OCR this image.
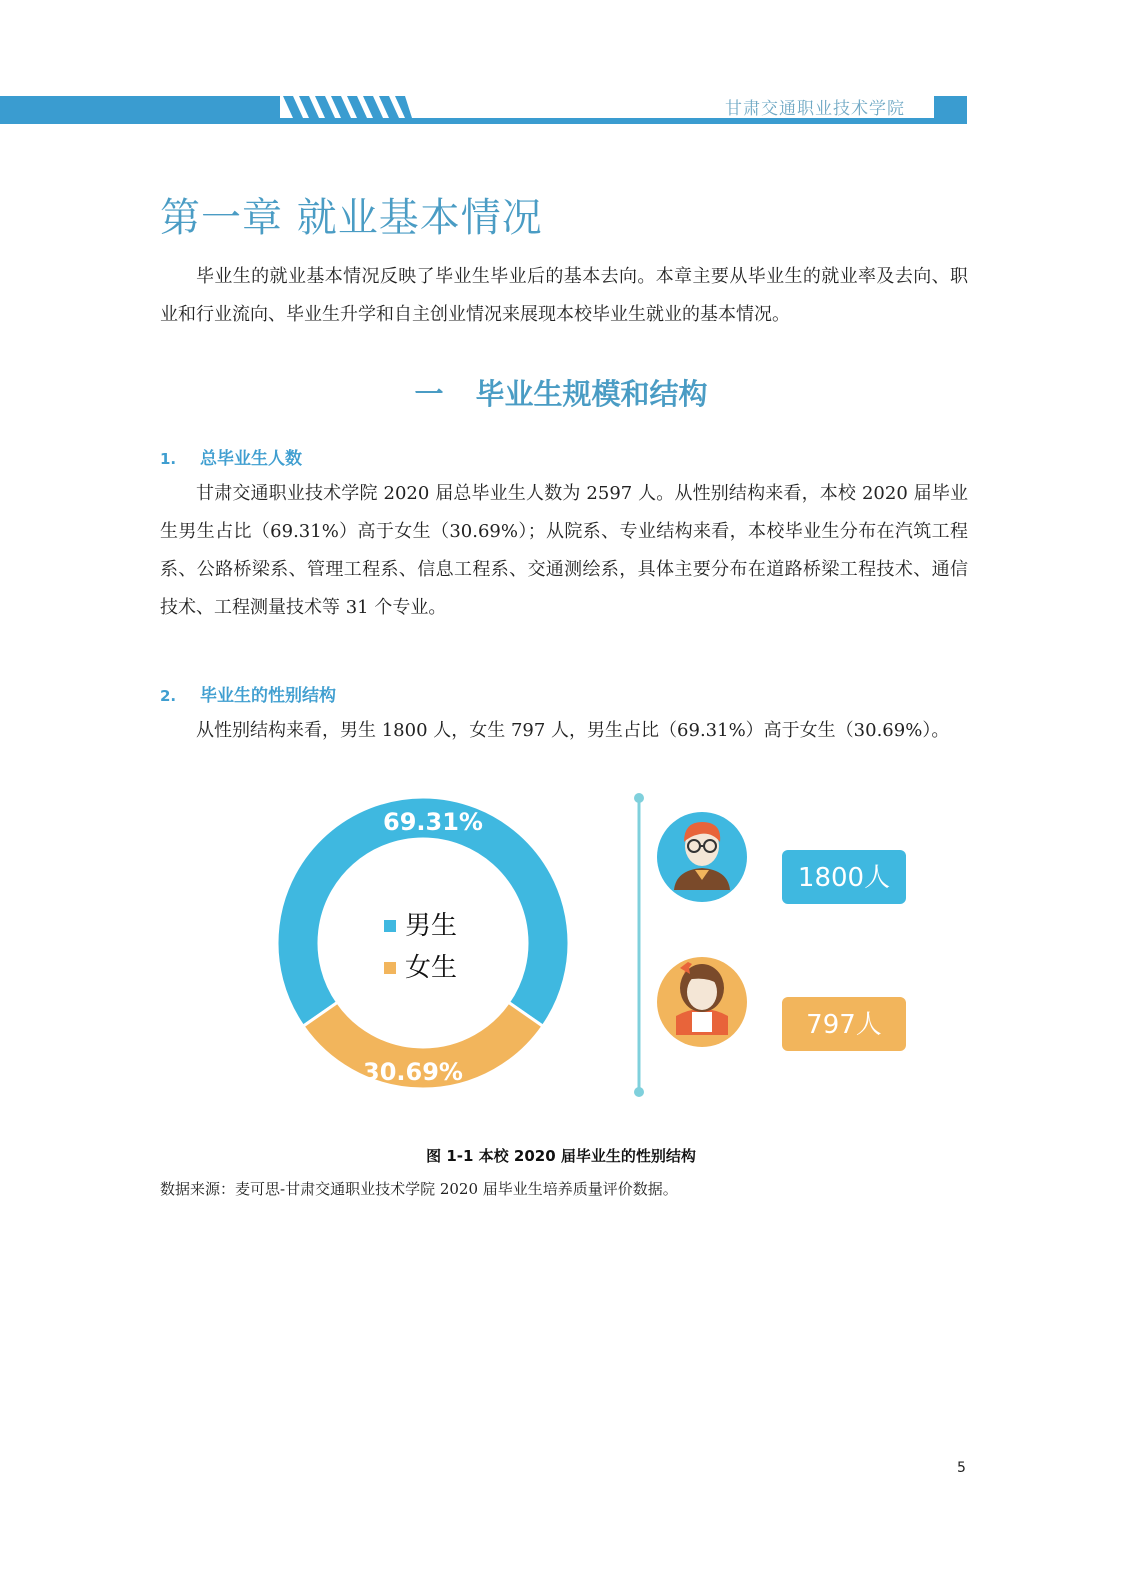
甘肃交通职业技术学院
第一章 就业基本情况

毕业生的就业基本情况反映了毕业生毕业后的基本去向。本章主要从毕业生的就业率及去向、职业和行业流向、毕业生升学和自主创业情况来展现本校毕业生就业的基本情况。

一 毕业生规模和结构
1. 总毕业生人数

甘肃交通职业技术学院 2020 届总毕业生人数为 2597 人。从性别结构来看，本校 2020 届毕业生男生占比（69.31%）高于女生（30.69%）；从院系、专业结构来看，本校毕业生分布在汽筑工程系、公路桥梁系、管理工程系、信息工程系、交通测绘系，具体主要分布在道路桥梁工程技术、通信技术、工程测量技术等 31 个专业。

2. 毕业生的性别结构

从性别结构来看，男生 1800 人，女生 797 人，男生占比（69.31%）高于女生（30.69%）。

男生
女生
69.31%
30.69%
1800人
797人
图 1-1 本校 2020 届毕业生的性别结构
数据来源：麦可思-甘肃交通职业技术学院 2020 届毕业生培养质量评价数据。
5
